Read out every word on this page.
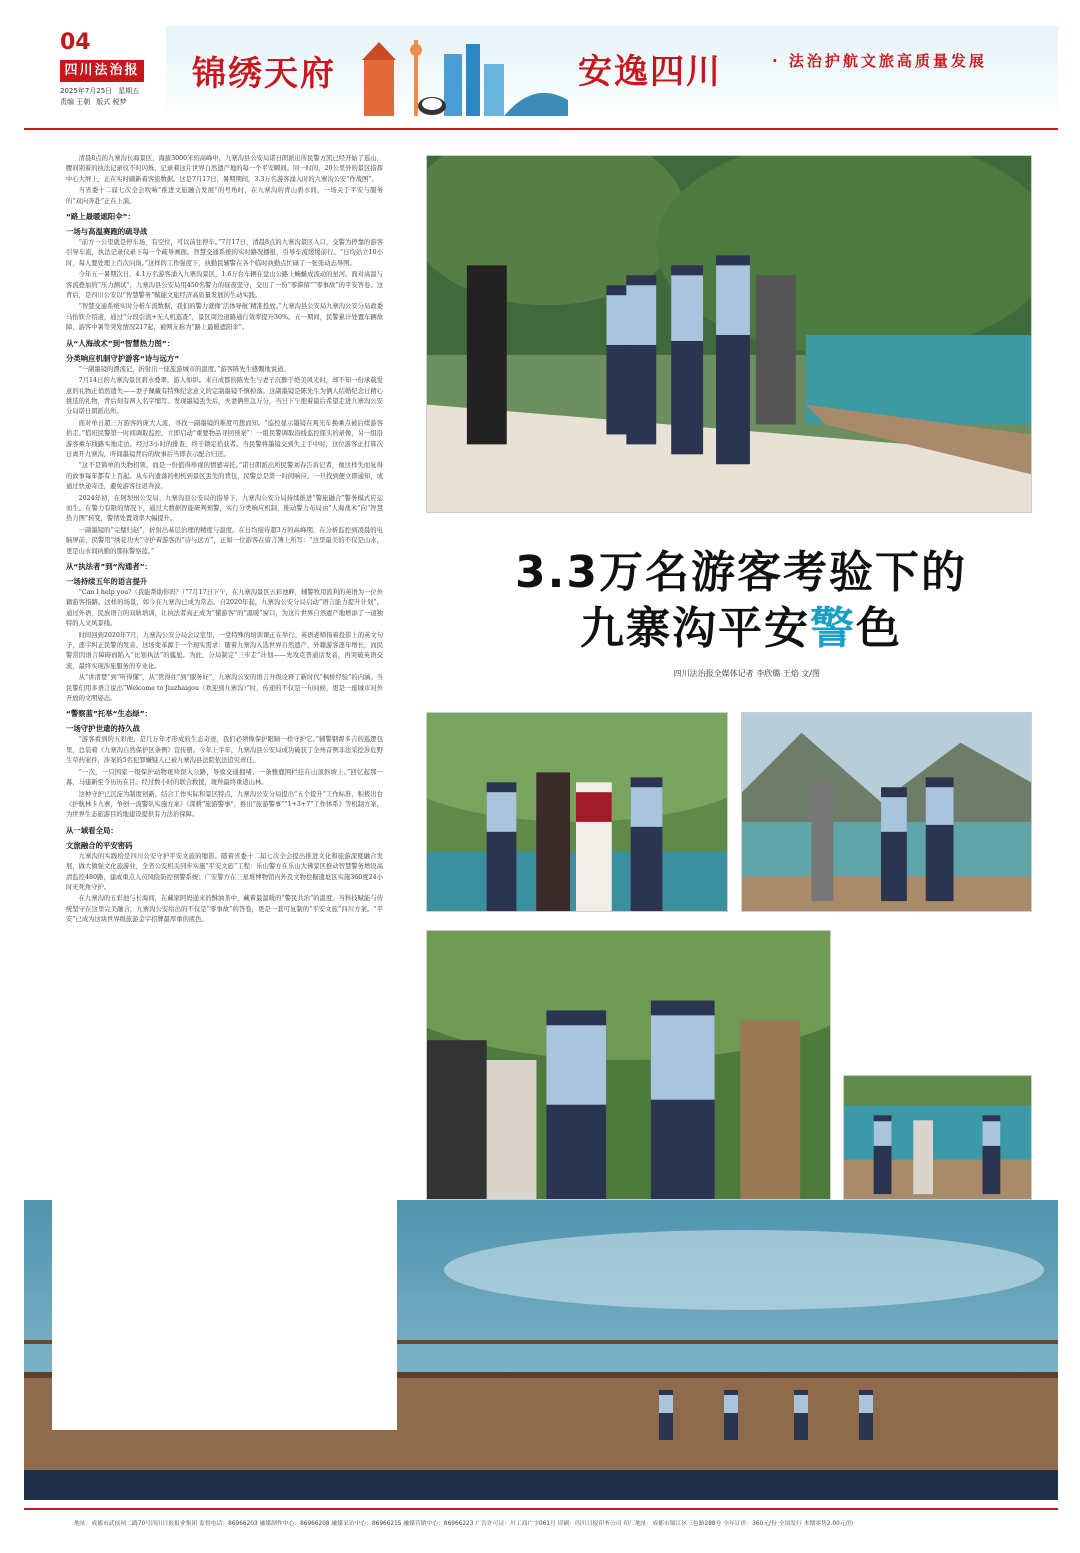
04
四川法治报
2025年7月25日 星期五
责编 王朝 版式 税梦
锦绣天府	安逸四川	· 法治护航文旅高质量发展
3.3万名游客考验下的
九寨沟平安警色
四川法治报全媒体记者 李欣璐 王焰 文/图

清晨8点的九寨沟长海景区，海拔3000米的高峰中，九寨沟县公安局诺日朗派出所民警方凯已经开始了巡山，腰间别着的执法记录仪不时闪烁，记录着这片世界自然遗产地的每一个平安瞬间。同一时间，20公里外的景区指挥中心大屏上，正在实时刷新着客流数据。这是7月17日，暑期期间，3.3万名游客涌入时的九寨沟公安“作战图”。

当省委十二届七次全会吹响“推进文旅融合发展”的号角时，在九寨沟的青山碧水间，一场关于平安与服务的“双向奔赴”正在上演。

“路上最暖遮阳伞”：
一场与高温赛跑的疏导战

“前方一公里就是停车场，有空位，可以前往停车。”7月17日，清晨8点的九寨沟景区入口，交警为停靠的游客引导车流，执法记录仪录下每一个疏导画面。智慧交通系统的实时路况播报，引导车流缓缓前行。“日均站立10小时，每人要处理上百次问询。”这样的工作强度下，执勤民辅警在各个临时执勤点忙碌了一张张动态导图。

今年五一暑期次日，4.1万名游客涌入九寨沟景区，1.6万台车辆在盘山公路上蜿蜒成流动的星河。面对高温与客流叠加的“压力测试”，九寨沟县公安局用450名警力的昼夜坚守，交出了一份“零滞留”“零事故”的平安答卷。这背后，是四川公安以“智慧警务”赋能文旅经济高质量发展的生动实践。

“智慧交通系统实时分析车流数据，我们的警力就像‘活体导航’精准投放。”九寨沟县公安局九寨沟公安分局政委马怡铁介绍道，通过“分段引流+无人机巡查”，景区周边道路通行效率提升30%。五一期间，民警累计处置车辆故障、游客中暑等突发情况217起，被网友称为“路上最暖遮阳伞”。

从“人海战术”到“智慧热力图”：
分类响应机制守护游客“诗与远方”

“一副墨镜的漂流记，折射出一座旅游城市的温度。”游客陈先生感慨地说道。

7月14日的九寨沟景区碧水叠翠，游人如织。来自成都的陈先生与妻子沉醉于绝美风光时，却不知一份承载爱意的礼物正悄然遗失——妻子佩戴有特殊纪念意义的定制墨镜不慎掉落。这副墨镜是陈先生为俩人结婚纪念日精心挑选的礼物，背后刻有两人名字缩写。发现墨镜丢失后，夫妻俩焦急万分，当日下午抱着最后希望走进九寨沟公安分局诺日朗派出所。

面对单日超三万游客的庞大人流，寻找一副墨镜的难度可想而知。“监控显示墨镜在观光车换乘点被后续游客拾走。”值班民警第一时间调取监控，立即启动“重要物品寻回预案”：一组民警调取沿线监控探头的录像，另一组沿游客乘车线路实地走访。经过3小时的排查，终于锁定拾获者。当民警将墨镜交到失主手中时，这位游客正打算次日离开九寨沟，听闻墨镜背后的故事后当即表示配合归还。

“这不是简单的失物招领，而是一份值得珍视的情感寄托。”诺日朗派出所民警刘春告诉记者，像这样失而复得的故事每年都有上百起。从车内遗落的相机到景区丢失的背包，民警总是第一时间响应，一旦找到便立即通知，或通过快递寄还，避免游客往返奔波。

2024年初，在阿坝州公安局、九寨沟县公安局的指导下，九寨沟公安分局持续推进“警旅融合”警务模式应运而生。在警力有限的情况下，通过大数据智能研判预警，实行分类响应机制，推动警力布局由“人海战术”向“智慧热力图”转变，警情处置效率大幅提升。

一副墨镜的“完璧归赵”，折射出基层治理的精度与温度。在日均接待超3万的高峰期，在分析监控到凌晨的电脑屏前，民警用“绣花功夫”守护着游客的“诗与远方”，正如一位游客在留言簿上所写：“这里最美的不仅是山水，更是山水间执勤的那抹警察蓝。”

从“执法者”到“沟通者”：
一场持续五年的语言提升

“Can I help you?（我能帮助你吗？）”7月17日下午，在九寨沟景区五彩池畔，辅警牧用流利的英语为一位外籍游客指路。这样的场景，如今在九寨沟已成为常态。自2020年起，九寨沟公安分局启动“语言能力提升计划”，通过外语、民族语言的双轨培训，让执法者真正成为“懂游客”的“温暖”窗口，为这片世界自然遗产地增添了一道独特的人文风景线。

时间回到2020年7月，九寨沟公安分局会议室里，一堂特殊的培训课正在举行。英语老师指着投影上的英文句子，逐字纠正民警的发音。这场变革源于一个现实需求：随着九寨沟入选世界自然遗产，外籍游客逐年增长，而民警常因语言障碍而陷入“比划执法”的尴尬。为此，分局制定“三步走”计划——先攻克普通话发音，再突破英语交流，最终实现涉旅服务的专业化。

从“讲清楚”到“听得懂”，从“管得住”到“服务好”，九寨沟公安的语言升级诠释了新时代“枫桥经验”的内涵。当民警们用多语言说出“Welcome to Jiuzhaigou（欢迎到九寨沟）”时，传递的不仅是一句问候，更是一座城市对外开放的文明姿态。

“警察蓝”托举“生态绿”：
一场守护世遗的持久战

“游客看到的五彩池，是几万年才形成的生态奇迹，我们必须像保护眼睛一样守护它。”辅警钢督多吉的巡逻包里，总装着《九寨沟自然保护区条例》宣传册。今年上半年，九寨沟县公安局成功破获了全州首例非法采挖涉危野生草药案件，涉案的5名犯罪嫌疑人已被九寨沟县法院依法追究责任。

“一次，一只国家一级保护动物斑羚误入公路，导致交通拥堵，一条雅鹿围栏挂在山顶斜坡上。”回忆起那一幕，马建新至今历历在目。经过数小时的联合救援，斑羚最终重返山林。

这种守护已沉淀为制度创新。结合工作实际和景区特点，九寨沟公安分局提出“五个提升”工作标准，积极出台《护航林卡九寨，争创一流警队实施方案》《深耕“旅游警事”，推出“旅游警事”“1+3+7”工作体系》等机制方案，为世界生态旅游目的地建设提供有力法治保障。

从一域看全局：
文旅融合的平安密码

九寨沟的实践恰是四川公安守护平安文旅的缩影。随着省委十二届七次全会提出推进文化和旅游深度融合发展，做大做强文化旅游业，全省公安机关同步实施“平安文旅”工程：乐山警方在乐山大佛景区推动智慧警务增设高清监控480路，建成重点人员风险防控预警系统；广安警方在三星堆博物馆内外及文物挖掘遗址区实施360度24小时无死角守护。

在九寨沟的五彩池与长海间，在藏家阿妈递来的酥油茶中，藏着最温暖的“警民共治”的温度。当科技赋能与传统坚守在这里完美融合，九寨沟公安给出的不仅是“零事故”的答卷，更是一套可复制的“平安文旅”四川方案。“平安”已成为这块世界级旅游金字招牌最厚重的底色。

地址：成都市武侯祠二路70号四川日报报业集团 监督电话：86966203 融媒制作中心：86966208 融媒采访中心：86966215 融媒营销中心：86966223 广告许可证：川工商广字061号 印刷：四川日报印务公司 印厂地址：成都市锦江区三色路288号 全年订价：360元/份 全国发行 本期零售2.00元/份
